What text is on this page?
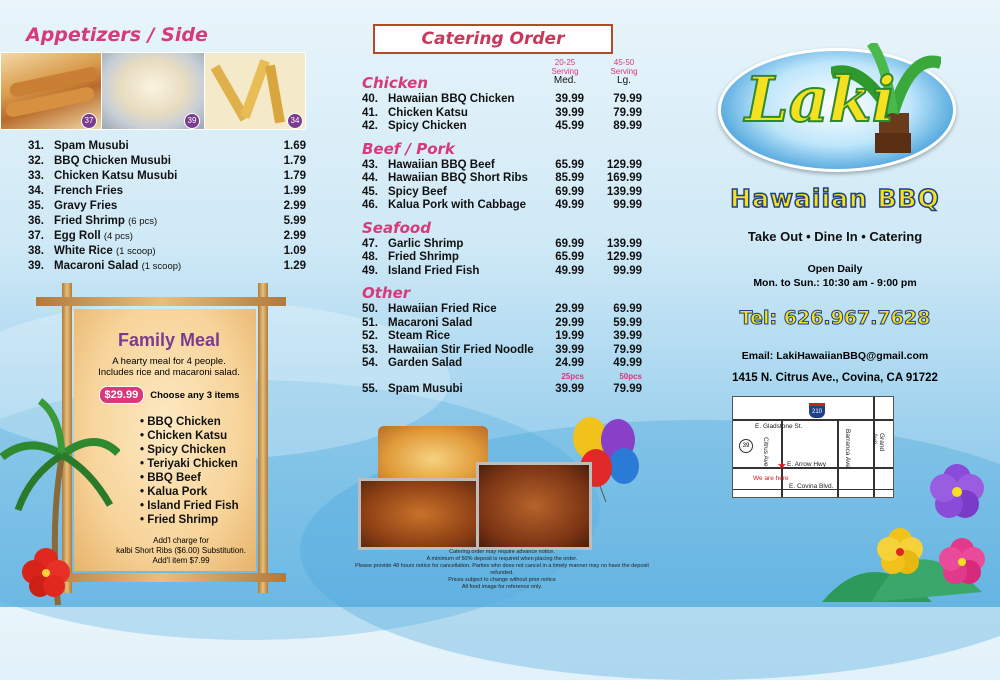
Appetizers / Side
37	39	34
31. Spam Musubi	1.69
32. BBQ Chicken Musubi	1.79
33. Chicken Katsu Musubi	1.79
34. French Fries	1.99
35. Gravy Fries	2.99
36. Fried Shrimp (6 pcs)	5.99
37. Egg Roll (4 pcs)	2.99
38. White Rice (1 scoop)	1.09
39. Macaroni Salad (1 scoop)	1.29
Family Meal
A hearty meal for 4 people.
Includes rice and macaroni salad.
$29.99	Choose any 3 items
• BBQ Chicken
• Chicken Katsu
• Spicy Chicken
• Teriyaki Chicken
• BBQ Beef
• Kalua Pork
• Island Fried Fish
• Fried Shrimp
Add'l charge for
kalbi Short Ribs ($6.00) Substitution.
Add'l item $7.99
Catering Order
20-25
Serving
Med.
45-50
Serving
Lg.
Chicken
40. Hawaiian BBQ Chicken	39.99	79.99
41. Chicken Katsu	39.99	79.99
42. Spicy Chicken	45.99	89.99
Beef / Pork
43. Hawaiian BBQ Beef	65.99	129.99
44. Hawaiian BBQ Short Ribs	85.99	169.99
45. Spicy Beef	69.99	139.99
46. Kalua Pork with Cabbage	49.99	99.99
Seafood
47. Garlic Shrimp	69.99	139.99
48. Fried Shrimp	65.99	129.99
49. Island Fried Fish	49.99	99.99
Other
50. Hawaiian Fried Rice	29.99	69.99
51. Macaroni Salad	29.99	59.99
52. Steam Rice	19.99	39.99
53. Hawaiian Stir Fried Noodle	39.99	79.99
54. Garden Salad	24.99	49.99
25pcs	50pcs
55. Spam Musubi	39.99	79.99
Catering order may require advance notice.
A minimum of 50% deposit is required when placing the order.
Please provide 48 hours notice for cancellation. Parties who does not cancel in a timely manner may no have the deposit refunded.
Prices subject to change without prior notice
All food image for reference only.
Laki
Hawaiian BBQ
Take Out • Dine In • Catering
Open Daily
Mon. to Sun.: 10:30 am - 9:00 pm
Tel: 626.967.7628
Email: LakiHawaiianBBQ@gmail.com
1415 N. Citrus Ave., Covina, CA 91722
E. Gladstone St.
E. Arrow Hwy
E. Covina Blvd.
Citrus Ave.	Barranca Ave.	Grand Ave.
We are here
★
39
210
